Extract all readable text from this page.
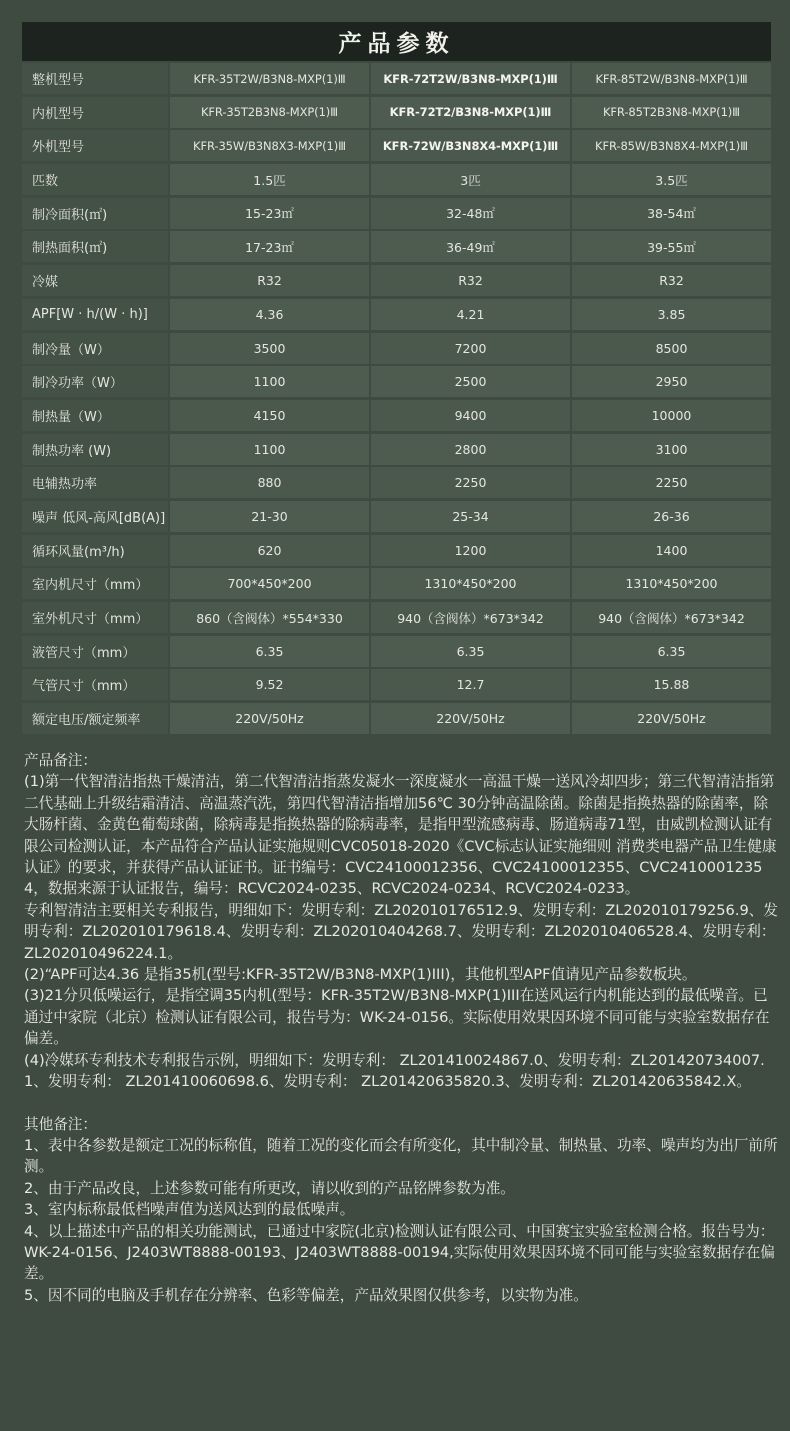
产品参数
整机型号	KFR-35T2W/B3N8-MXP(1)Ⅲ	KFR-72T2W/B3N8-MXP(1)Ⅲ	KFR-85T2W/B3N8-MXP(1)Ⅲ
内机型号	KFR-35T2B3N8-MXP(1)Ⅲ	KFR-72T2/B3N8-MXP(1)Ⅲ	KFR-85T2B3N8-MXP(1)Ⅲ
外机型号	KFR-35W/B3N8X3-MXP(1)Ⅲ	KFR-72W/B3N8X4-MXP(1)Ⅲ	KFR-85W/B3N8X4-MXP(1)Ⅲ
匹数	1.5匹	3匹	3.5匹
制冷面积(㎡)	15-23㎡	32-48㎡	38-54㎡
制热面积(㎡)	17-23㎡	36-49㎡	39-55㎡
冷媒	R32	R32	R32
APF[W · h/(W · h)]	4.36	4.21	3.85
制冷量（W）	3500	7200	8500
制冷功率（W）	1100	2500	2950
制热量（W）	4150	9400	10000
制热功率 (W)	1100	2800	3100
电辅热功率	880	2250	2250
噪声 低风-高风[dB(A)]	21-30	25-34	26-36
循环风量(m³/h)	620	1200	1400
室内机尺寸（mm）	700*450*200	1310*450*200	1310*450*200
室外机尺寸（mm）	860（含阀体）*554*330	940（含阀体）*673*342	940（含阀体）*673*342
液管尺寸（mm）	6.35	6.35	6.35
气管尺寸（mm）	9.52	12.7	15.88
额定电压/额定频率	220V/50Hz	220V/50Hz	220V/50Hz

产品备注：

(1)第一代智清洁指热干燥清洁，第二代智清洁指蒸发凝水一深度凝水一高温干燥一送风冷却四步；第三代智清洁指第二代基础上升级结霜清洁、高温蒸汽洗，第四代智清洁指增加56℃ 30分钟高温除菌。除菌是指换热器的除菌率，除大肠杆菌、金黄色葡萄球菌，除病毒是指换热器的除病毒率，是指甲型流感病毒、肠道病毒71型，由威凯检测认证有限公司检测认证，本产品符合产品认证实施规则CVC05018-2020《CVC标志认证实施细则 消费类电器产品卫生健康认证》的要求，并获得产品认证证书。证书编号：CVC24100012356、CVC24100012355、CVC24100012354，数据来源于认证报告，编号：RCVC2024-0235、RCVC2024-0234、RCVC2024-0233。

专利智清洁主要相关专利报告，明细如下：发明专利：ZL202010176512.9、发明专利：ZL202010179256.9、发明专利：ZL202010179618.4、发明专利：ZL202010404268.7、发明专利：ZL202010406528.4、发明专利：ZL202010496224.1。

(2)“APF可达4.36 是指35机(型号:KFR-35T2W/B3N8-MXP(1)III)，其他机型APF值请见产品参数板块。

(3)21分贝低噪运行，是指空调35内机(型号：KFR-35T2W/B3N8-MXP(1)III在送风运行内机能达到的最低噪音。已通过中家院（北京）检测认证有限公司，报告号为：WK-24-0156。实际使用效果因环境不同可能与实验室数据存在偏差。

(4)冷媒环专利技术专利报告示例，明细如下：发明专利： ZL201410024867.0、发明专利：ZL201420734007.1、发明专利： ZL201410060698.6、发明专利： ZL201420635820.3、发明专利：ZL201420635842.X。

其他备注：

1、表中各参数是额定工况的标称值，随着工况的变化而会有所变化，其中制冷量、制热量、功率、噪声均为出厂前所测。

2、由于产品改良，上述参数可能有所更改，请以收到的产品铭牌参数为准。

3、室内标称最低档噪声值为送风达到的最低噪声。

4、以上描述中产品的相关功能测试，已通过中家院(北京)检测认证有限公司、中国赛宝实验室检测合格。报告号为：WK-24-0156、J2403WT8888-00193、J2403WT8888-00194,实际使用效果因环境不同可能与实验室数据存在偏差。

5、因不同的电脑及手机存在分辨率、色彩等偏差，产品效果图仅供参考，以实物为准。
